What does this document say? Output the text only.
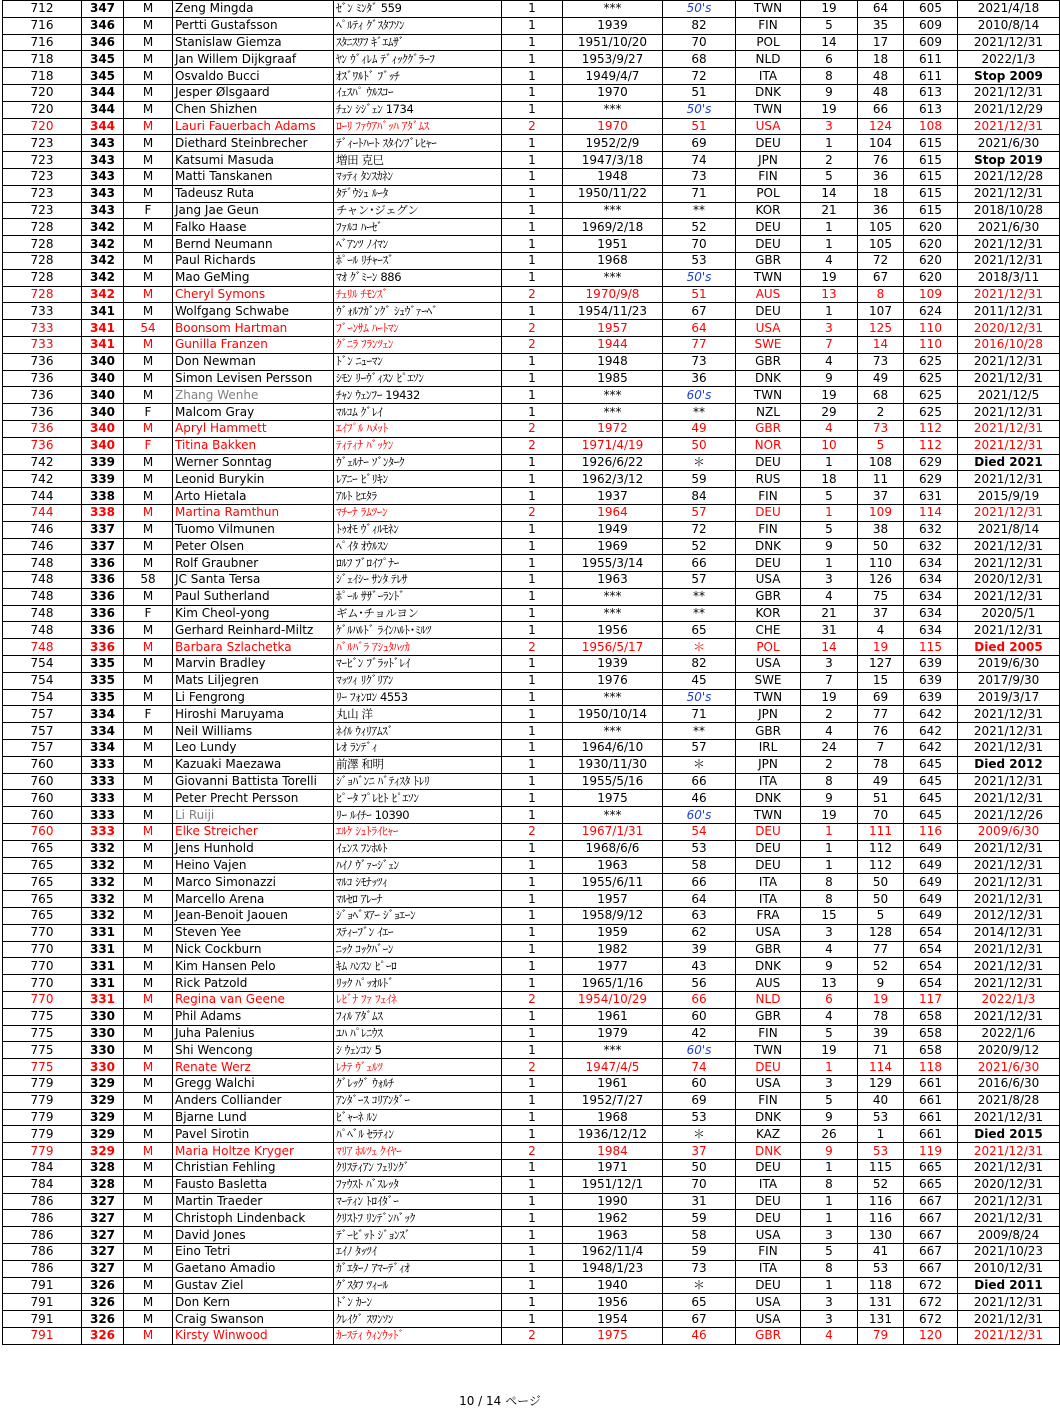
712	347	M	Zeng Mingda	ｾﾞﾝ ﾐﾝﾀﾞ 559	1	***	50's	TWN	19	64	605	2021/4/18
716	346	M	Pertti Gustafsson	ﾍﾟﾙﾃｨ ｸﾞｽﾀﾌｿﾝ	1	1939	82	FIN	5	35	609	2010/8/14
716	346	M	Stanislaw Giemza	ｽﾀﾆｽﾜﾌ ｷﾞｴﾑｻﾞ	1	1951/10/20	70	POL	14	17	609	2021/12/31
718	345	M	Jan Willem Dijkgraaf	ﾔﾝ ｳﾞｨﾚﾑ ﾃﾞｨｯｸｸﾞﾗｰﾌ	1	1953/9/27	68	NLD	6	18	611	2022/1/3
718	345	M	Osvaldo Bucci	ｵｽﾞﾜﾙﾄﾞ ﾌﾞｯﾁ	1	1949/4/7	72	ITA	8	48	611	Stop 2009
720	344	M	Jesper Ølsgaard	ｲｪｽﾊﾟ ｳﾙｽｺｰ	1	1970	51	DNK	9	48	613	2021/12/31
720	344	M	Chen Shizhen	ﾁｪﾝ ｼｼﾞｪﾝ 1734	1	***	50's	TWN	19	66	613	2021/12/29
720	344	M	Lauri Fauerbach Adams	ﾛｰﾘ ﾌｧｳｱﾊﾞｯﾊ ｱﾀﾞﾑｽ	2	1970	51	USA	3	124	108	2021/12/31
723	343	M	Diethard Steinbrecher	ﾃﾞｨｰﾄﾊｰﾄ ｽﾀｲﾝﾌﾞﾚﾋｬｰ	1	1952/2/9	69	DEU	1	104	615	2021/6/30
723	343	M	Katsumi Masuda	増田 克巳	1	1947/3/18	74	JPN	2	76	615	Stop 2019
723	343	M	Matti Tanskanen	ﾏｯﾃｨ ﾀﾝｽｶﾈﾝ	1	1948	73	FIN	5	36	615	2021/12/28
723	343	M	Tadeusz Ruta	ﾀﾃﾞｳｼｭ ﾙｰﾀ	1	1950/11/22	71	POL	14	18	615	2021/12/31
723	343	F	Jang Jae Geun	チャン･ジェグン	1	***	**	KOR	21	36	615	2018/10/28
728	342	M	Falko Haase	ﾌｧﾙｺ ﾊｰｾﾞ	1	1969/2/18	52	DEU	1	105	620	2021/6/30
728	342	M	Bernd Neumann	ﾍﾞｱﾝﾂ ﾉｲﾏﾝ	1	1951	70	DEU	1	105	620	2021/12/31
728	342	M	Paul Richards	ﾎﾟｰﾙ ﾘﾁｬｰｽﾞ	1	1968	53	GBR	4	72	620	2021/12/31
728	342	M	Mao GeMing	ﾏｵ ｸﾞﾐｰﾝ 886	1	***	50's	TWN	19	67	620	2018/3/11
728	342	M	Cheryl Symons	ﾁｪﾘﾙ ﾁﾓﾝｽﾞ	2	1970/9/8	51	AUS	13	8	109	2021/12/31
733	341	M	Wolfgang Schwabe	ｳﾞｫﾙﾌｶﾞﾝｸﾞ ｼｭｳﾞｧｰﾍﾞ	1	1954/11/23	67	DEU	1	107	624	2011/12/31
733	341	54	Boonsom Hartman	ﾌﾞｰﾝｻﾑ ﾊｰﾄﾏﾝ	2	1957	64	USA	3	125	110	2020/12/31
733	341	M	Gunilla Franzen	ｸﾞﾆﾗ ﾌﾗﾝﾂｪﾝ	2	1944	77	SWE	7	14	110	2016/10/28
736	340	M	Don Newman	ﾄﾞﾝ ﾆｭｰﾏﾝ	1	1948	73	GBR	4	73	625	2021/12/31
736	340	M	Simon Levisen Persson	ｼﾓﾝ ﾘｰｳﾞｨｽﾝ ﾋﾟｴｿﾝ	1	1985	36	DNK	9	49	625	2021/12/31
736	340	M	Zhang Wenhe	ﾁｬﾝ ｳｪﾝﾌｰ 19432	1	***	60's	TWN	19	68	625	2021/12/5
736	340	F	Malcom Gray	ﾏﾙｺﾑ ｸﾞﾚｲ	1	***	**	NZL	29	2	625	2021/12/31
736	340	M	Apryl Hammett	ｴｲﾌﾟﾙ ﾊﾒｯﾄ	2	1972	49	GBR	4	73	112	2021/12/31
736	340	F	Titina Bakken	ﾃｨﾃｨﾅ ﾊﾞｯｹﾝ	2	1971/4/19	50	NOR	10	5	112	2021/12/31
742	339	M	Werner Sonntag	ｳﾞｪﾙﾅｰ ｿﾞﾝﾀｰｸ	1	1926/6/22	＊	DEU	1	108	629	Died 2021
742	339	M	Leonid Burykin	ﾚｱﾆｰ ﾋﾞﾘｷﾝ	1	1962/3/12	59	RUS	18	11	629	2021/12/31
744	338	M	Arto Hietala	ｱﾙﾄ ﾋｴﾀﾗ	1	1937	84	FIN	5	37	631	2015/9/19
744	338	M	Martina Ramthun	ﾏﾁｰﾅ ﾗﾑﾂｰﾝ	2	1964	57	DEU	1	109	114	2021/12/31
746	337	M	Tuomo Vilmunen	ﾄｩｵﾓ ｳﾞｨﾙﾓﾈﾝ	1	1949	72	FIN	5	38	632	2021/8/14
746	337	M	Peter Olsen	ﾍﾟｲﾀ ｵｳﾙｽﾝ	1	1969	52	DNK	9	50	632	2021/12/31
748	336	M	Rolf Graubner	ﾛﾙﾌ ﾌﾞﾛｲﾌﾟﾅｰ	1	1955/3/14	66	DEU	1	110	634	2021/12/31
748	336	58	JC Santa Tersa	ｼﾞｪｲｼｰ ｻﾝﾀ ﾃﾚｻ	1	1963	57	USA	3	126	634	2020/12/31
748	336	M	Paul Sutherland	ﾎﾟｰﾙ ｻｻﾞｰﾗﾝﾄﾞ	1	***	**	GBR	4	75	634	2021/12/31
748	336	F	Kim Cheol-yong	ギム･チョルヨン	1	***	**	KOR	21	37	634	2020/5/1
748	336	M	Gerhard Reinhard-Miltz	ｹﾞﾙﾊﾙﾄﾞ ﾗｲﾝﾊﾙﾄ･ﾐﾙﾂ	1	1956	65	CHE	31	4	634	2021/12/31
748	336	M	Barbara Szlachetka	ﾊﾞﾙﾊﾞﾗ ｱｼｭﾀﾊｯｶ	2	1956/5/17	＊	POL	14	19	115	Died 2005
754	335	M	Marvin Bradley	ﾏｰﾋﾞﾝ ﾌﾞﾗｯﾄﾞﾚｲ	1	1939	82	USA	3	127	639	2019/6/30
754	335	M	Mats Liljegren	ﾏｯﾂｨ ﾘｸﾞﾘｱﾝ	1	1976	45	SWE	7	15	639	2017/9/30
754	335	M	Li Fengrong	ﾘｰ ﾌｫﾝﾛﾝ 4553	1	***	50's	TWN	19	69	639	2019/3/17
757	334	F	Hiroshi Maruyama	丸山 洋	1	1950/10/14	71	JPN	2	77	642	2021/12/31
757	334	M	Neil Williams	ﾈｲﾙ ｳｨﾘｱﾑｽﾞ	1	***	**	GBR	4	76	642	2021/12/31
757	334	M	Leo Lundy	ﾚｵ ﾗﾝﾃﾞｨ	1	1964/6/10	57	IRL	24	7	642	2021/12/31
760	333	M	Kazuaki Maezawa	前澤 和明	1	1930/11/30	＊	JPN	2	78	645	Died 2012
760	333	M	Giovanni Battista Torelli	ｼﾞｮﾊﾞﾝﾆ ﾊﾞﾃｨｽﾀ ﾄﾚﾘ	1	1955/5/16	66	ITA	8	49	645	2021/12/31
760	333	M	Peter Precht Persson	ﾋﾟｰﾀ ﾌﾟﾚﾋﾄ ﾋﾟｴｿﾝ	1	1975	46	DNK	9	51	645	2021/12/31
760	333	M	Li Ruiji	ﾘｰ ﾙｲﾁｰ 10390	1	***	60's	TWN	19	70	645	2021/12/26
760	333	M	Elke Streicher	ｴﾙｹ ｼｭﾄﾗｲﾋｬｰ	2	1967/1/31	54	DEU	1	111	116	2009/6/30
765	332	M	Jens Hunhold	ｲｪﾝｽ ﾌﾝﾎﾙﾄ	1	1968/6/6	53	DEU	1	112	649	2021/12/31
765	332	M	Heino Vajen	ﾊｲﾉ ｳﾞｧｰｼﾞｪﾝ	1	1963	58	DEU	1	112	649	2021/12/31
765	332	M	Marco Simonazzi	ﾏﾙｺ ｼﾓﾅｯﾂｨ	1	1955/6/11	66	ITA	8	50	649	2021/12/31
765	332	M	Marcello Arena	ﾏﾙｾﾛ ｱﾚｰﾅ	1	1957	64	ITA	8	50	649	2021/12/31
765	332	M	Jean-Benoit Jaouen	ｼﾞｮﾍﾞﾇｱｰ ｼﾞｮｴｰﾝ	1	1958/9/12	63	FRA	15	5	649	2012/12/31
770	331	M	Steven Yee	ｽﾃｨｰﾌﾞﾝ ｲｴｰ	1	1959	62	USA	3	128	654	2014/12/31
770	331	M	Nick Cockburn	ﾆｯｸ ｺｯｸﾊﾞｰﾝ	1	1982	39	GBR	4	77	654	2021/12/31
770	331	M	Kim Hansen Pelo	ｷﾑ ﾊﾝｽﾝ ﾋﾟｰﾛ	1	1977	43	DNK	9	52	654	2021/12/31
770	331	M	Rick Patzold	ﾘｯｸ ﾊﾟｯｵﾙﾄﾞ	1	1965/1/16	56	AUS	13	9	654	2021/12/31
770	331	M	Regina van Geene	ﾚﾋﾞﾅ ﾌｧ ﾌｪｲﾈ	2	1954/10/29	66	NLD	6	19	117	2022/1/3
775	330	M	Phil Adams	ﾌｨﾙ ｱﾀﾞﾑｽ	1	1961	60	GBR	4	78	658	2021/12/31
775	330	M	Juha Palenius	ﾕﾊ ﾊﾟﾚﾆｳｽ	1	1979	42	FIN	5	39	658	2022/1/6
775	330	M	Shi Wencong	ｼ ｳｪﾝｺﾝ 5	1	***	60's	TWN	19	71	658	2020/9/12
775	330	M	Renate Werz	ﾚﾅﾃ ｳﾞｪﾙﾂ	2	1947/4/5	74	DEU	1	114	118	2021/6/30
779	329	M	Gregg Walchi	ｸﾞﾚｯｸﾞ ｳｫﾙﾁ	1	1961	60	USA	3	129	661	2016/6/30
779	329	M	Anders Colliander	ｱﾝﾀﾞｰｽ ｺﾘｱﾝﾀﾞｰ	1	1952/7/27	69	FIN	5	40	661	2021/8/28
779	329	M	Bjarne Lund	ﾋﾞｬｰﾈ ﾙﾝ	1	1968	53	DNK	9	53	661	2021/12/31
779	329	M	Pavel Sirotin	ﾊﾟﾍﾞﾙ ｾﾗﾃｨﾝ	1	1936/12/12	＊	KAZ	26	1	661	Died 2015
779	329	M	Maria Holtze Kryger	ﾏﾘｱ ﾎﾙﾂｪ ｸｲﾔｰ	2	1984	37	DNK	9	53	119	2021/12/31
784	328	M	Christian Fehling	ｸﾘｽﾃｨｱﾝ ﾌｪﾘﾝｸﾞ	1	1971	50	DEU	1	115	665	2021/12/31
784	328	M	Fausto Basletta	ﾌｧｳｽﾄ ﾊﾞｽﾚｯﾀ	1	1951/12/1	70	ITA	8	52	665	2020/12/31
786	327	M	Martin Traeder	ﾏｰﾃｨﾝ ﾄﾛｲﾀﾞｰ	1	1990	31	DEU	1	116	667	2021/12/31
786	327	M	Christoph Lindenback	ｸﾘｽﾄﾌ ﾘﾝﾃﾞﾝﾊﾞｯｸ	1	1962	59	DEU	1	116	667	2021/12/31
786	327	M	David Jones	ﾃﾞｰﾋﾞｯﾄ ｼﾞｮﾝｽﾞ	1	1963	58	USA	3	130	667	2009/8/24
786	327	M	Eino Tetri	ｴｲﾉ ﾀｯﾂｲ	1	1962/11/4	59	FIN	5	41	667	2021/10/23
786	327	M	Gaetano Amadio	ｶﾞｴﾀｰﾉ ｱﾏｰﾃﾞｨｵ	1	1948/1/23	73	ITA	8	53	667	2010/12/31
791	326	M	Gustav Ziel	ｸﾞｽﾀﾌ ﾂｨｰﾙ	1	1940	＊	DEU	1	118	672	Died 2011
791	326	M	Don Kern	ﾄﾞﾝ ｶｰﾝ	1	1956	65	USA	3	131	672	2021/12/31
791	326	M	Craig Swanson	ｸﾚｲｸﾞ ｽﾜﾝｿﾝ	1	1954	67	USA	3	131	672	2021/12/31
791	326	M	Kirsty Winwood	ｶｰｽﾃｨ ｳｨﾝｳｯﾄﾞ	2	1975	46	GBR	4	79	120	2021/12/31
10 / 14 ページ
